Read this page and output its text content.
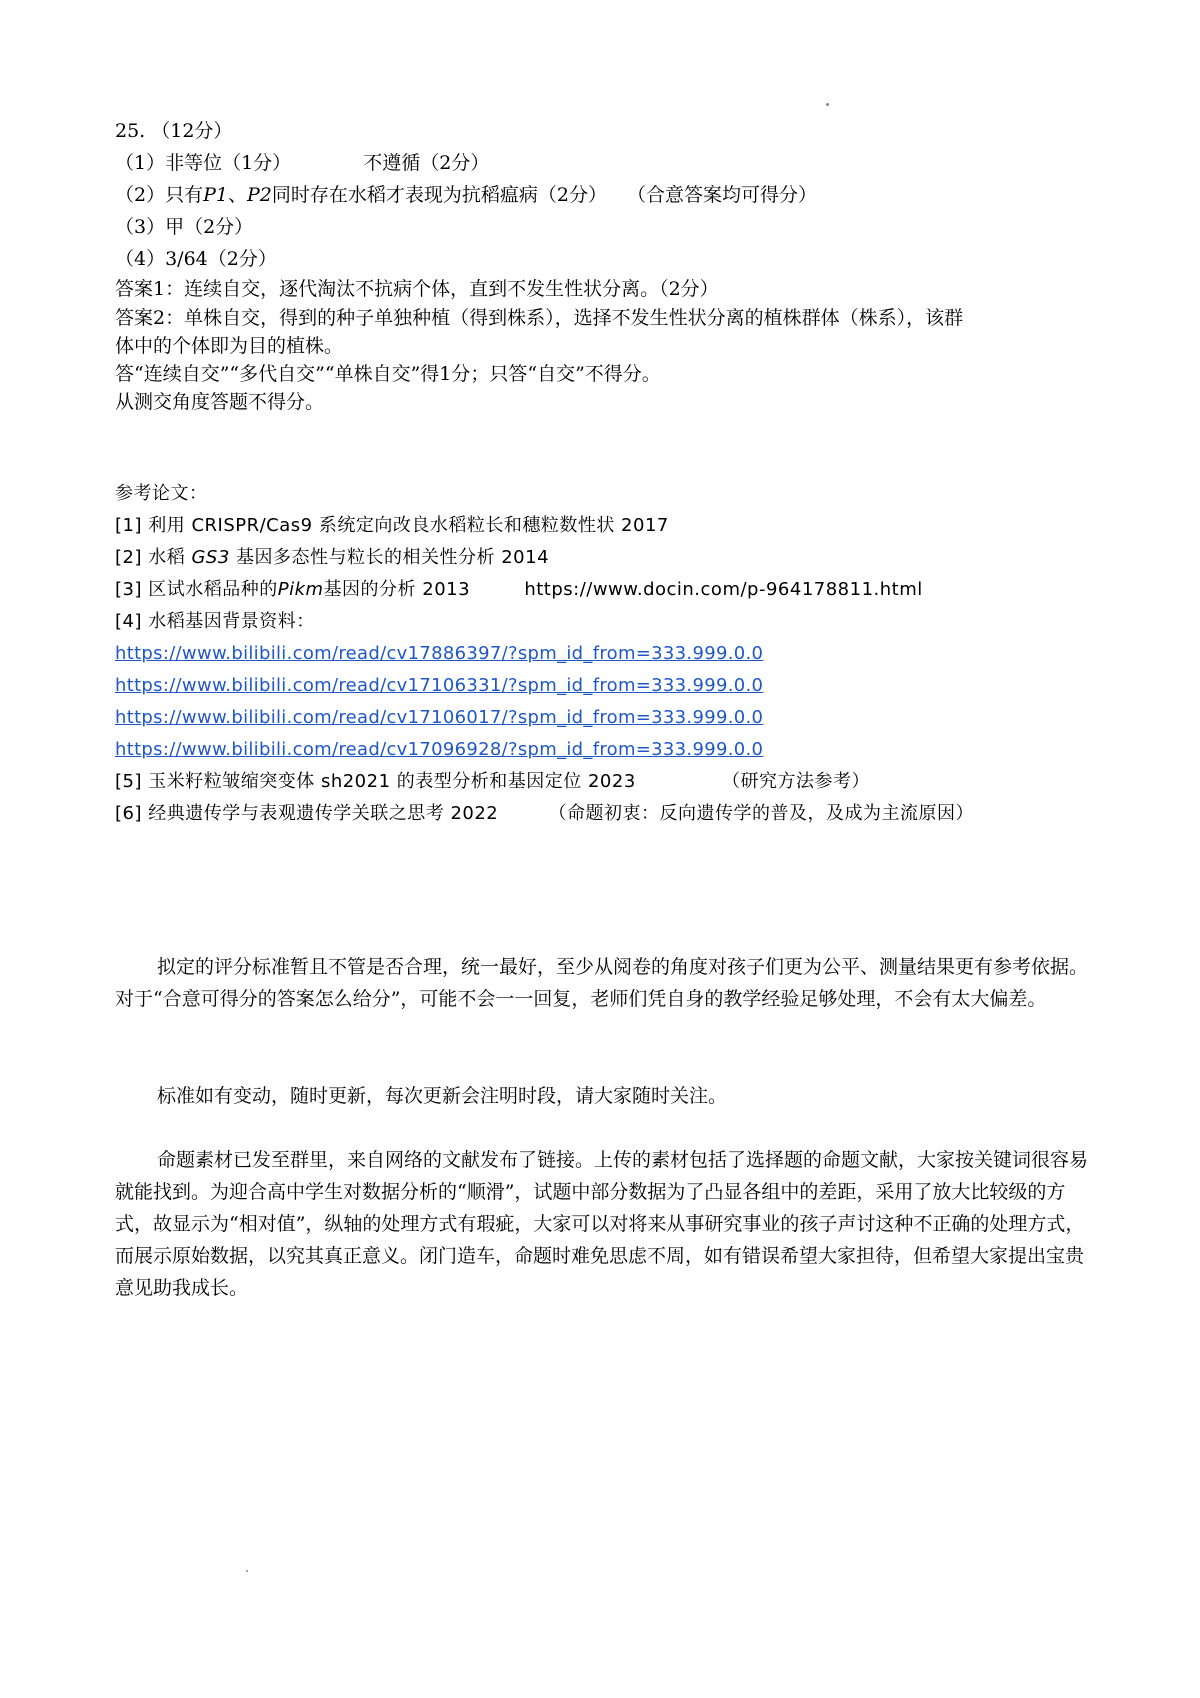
25. （12分）
（1）非等位（1分）	不遵循（2分）
（2）只有P1、P2同时存在水稻才表现为抗稻瘟病（2分） （合意答案均可得分）
（3）甲（2分）
（4）3/64（2分）
答案1：连续自交，逐代淘汰不抗病个体，直到不发生性状分离。（2分）
答案2：单株自交，得到的种子单独种植（得到株系），选择不发生性状分离的植株群体（株系），该群
体中的个体即为目的植株。
答“连续自交”“多代自交”“单株自交”得1分；只答“自交”不得分。
从测交角度答题不得分。
参考论文：
[1] 利用 CRISPR/Cas9 系统定向改良水稻粒长和穗粒数性状 2017
[2] 水稻 GS3 基因多态性与粒长的相关性分析 2014
[3] 区试水稻品种的Pikm基因的分析 2013	https://www.docin.com/p-964178811.html
[4] 水稻基因背景资料：
https://www.bilibili.com/read/cv17886397/?spm_id_from=333.999.0.0
https://www.bilibili.com/read/cv17106331/?spm_id_from=333.999.0.0
https://www.bilibili.com/read/cv17106017/?spm_id_from=333.999.0.0
https://www.bilibili.com/read/cv17096928/?spm_id_from=333.999.0.0
[5] 玉米籽粒皱缩突变体 sh2021 的表型分析和基因定位 2023	（研究方法参考）
[6] 经典遗传学与表观遗传学关联之思考 2022	（命题初衷：反向遗传学的普及，及成为主流原因）
拟定的评分标准暂且不管是否合理，统一最好，至少从阅卷的角度对孩子们更为公平、测量结果更有参考依据。对于“合意可得分的答案怎么给分”，可能不会一一回复，老师们凭自身的教学经验足够处理，不会有太大偏差。
标准如有变动，随时更新，每次更新会注明时段，请大家随时关注。
命题素材已发至群里，来自网络的文献发布了链接。上传的素材包括了选择题的命题文献，大家按关键词很容易就能找到。为迎合高中学生对数据分析的“顺滑”，试题中部分数据为了凸显各组中的差距，采用了放大比较级的方式，故显示为“相对值”，纵轴的处理方式有瑕疵，大家可以对将来从事研究事业的孩子声讨这种不正确的处理方式，而展示原始数据，以究其真正意义。闭门造车，命题时难免思虑不周，如有错误希望大家担待，但希望大家提出宝贵意见助我成长。
